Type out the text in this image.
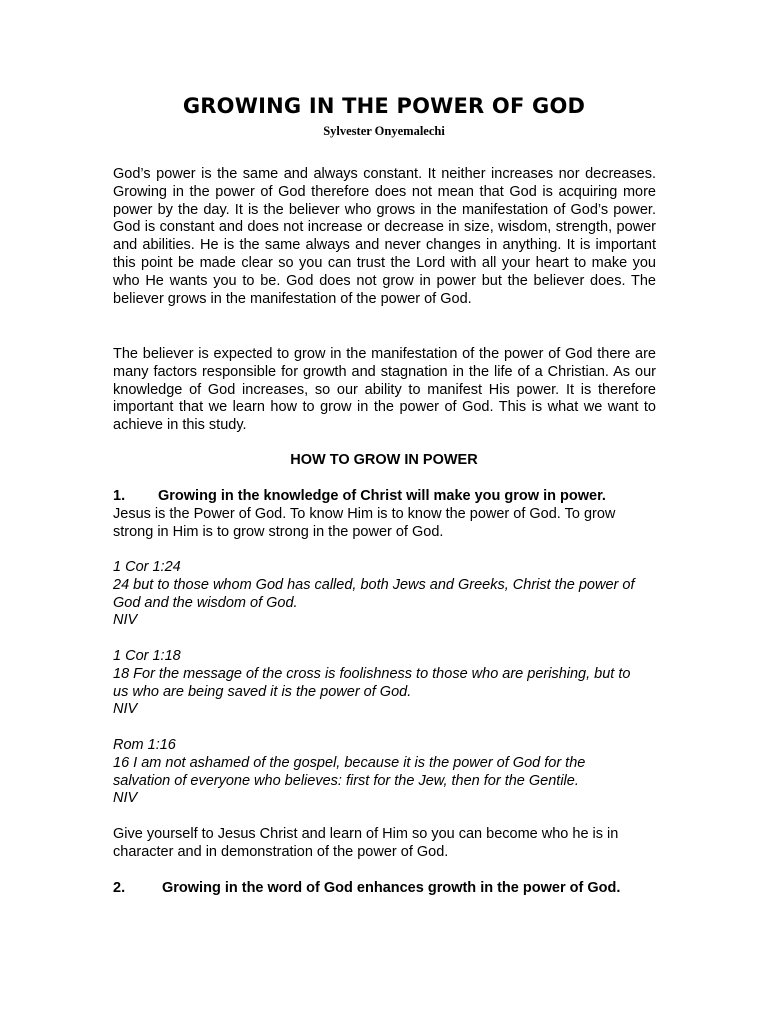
GROWING IN THE POWER OF GOD
Sylvester Onyemalechi

God’s power is the same and always constant. It neither increases nor decreases. Growing in the power of God therefore does not mean that God is acquiring more power by the day. It is the believer who grows in the manifestation of God’s power. God is constant and does not increase or decrease in size, wisdom, strength, power and abilities. He is the same always and never changes in anything. It is important this point be made clear so you can trust the Lord with all your heart to make you who He wants you to be. God does not grow in power but the believer does. The believer grows in the manifestation of the power of God.

The believer is expected to grow in the manifestation of the power of God there are many factors responsible for growth and stagnation in the life of a Christian. As our knowledge of God increases, so our ability to manifest His power. It is therefore important that we learn how to grow in the power of God. This is what we want to achieve in this study.

HOW TO GROW IN POWER
1. Growing in the knowledge of Christ will make you grow in power.

Jesus is the Power of God. To know Him is to know the power of God. To grow strong in Him is to grow strong in the power of God.

1 Cor 1:24
24 but to those whom God has called, both Jews and Greeks, Christ the power of
God and the wisdom of God.
NIV
1 Cor 1:18
18 For the message of the cross is foolishness to those who are perishing, but to
us who are being saved it is the power of God.
NIV
Rom 1:16
16 I am not ashamed of the gospel, because it is the power of God for the
salvation of everyone who believes: first for the Jew, then for the Gentile.
NIV
Give yourself to Jesus Christ and learn of Him so you can become who he is in
character and in demonstration of the power of God.
2.	Growing in the word of God enhances growth in the power of God.
